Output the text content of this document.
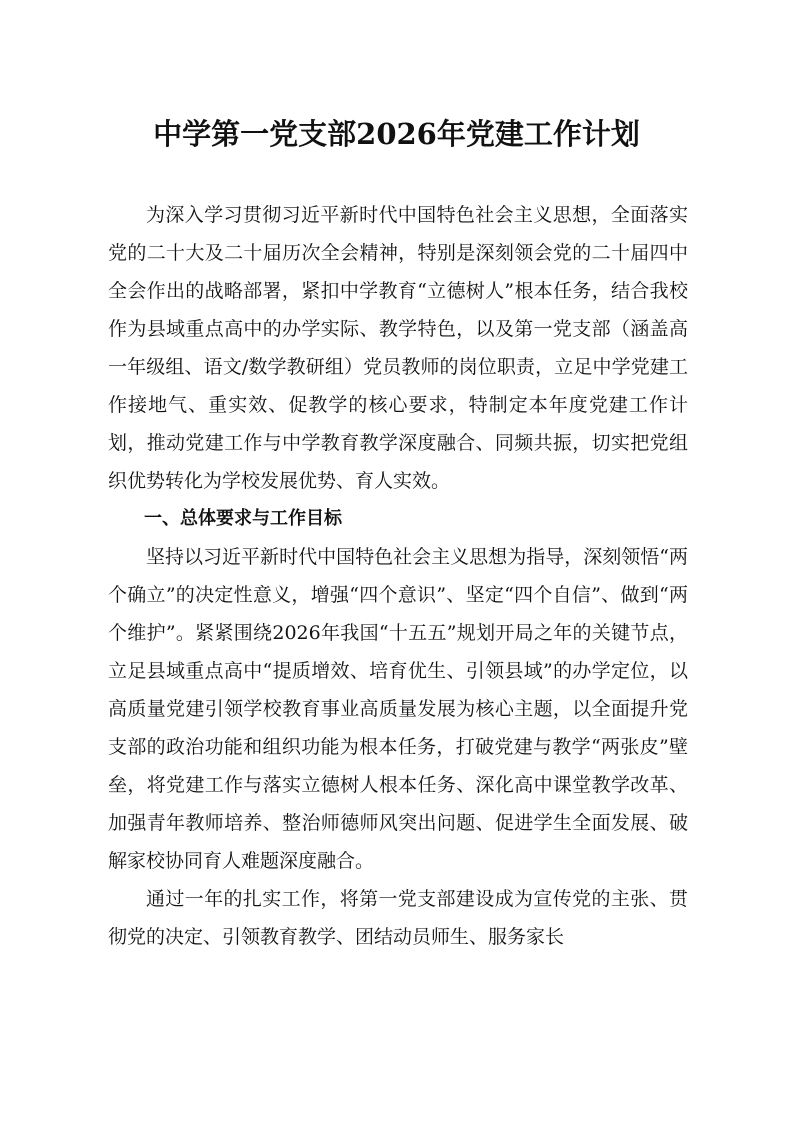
中学第一党支部2026年党建工作计划

为深入学习贯彻习近平新时代中国特色社会主义思想，全面落实党的二十大及二十届历次全会精神，特别是深刻领会党的二十届四中全会作出的战略部署，紧扣中学教育“立德树人”根本任务，结合我校作为县域重点高中的办学实际、教学特色，以及第一党支部（涵盖高一年级组、语文/数学教研组）党员教师的岗位职责，立足中学党建工作接地气、重实效、促教学的核心要求，特制定本年度党建工作计划，推动党建工作与中学教育教学深度融合、同频共振，切实把党组织优势转化为学校发展优势、育人实效。

一、总体要求与工作目标

坚持以习近平新时代中国特色社会主义思想为指导，深刻领悟“两个确立”的决定性意义，增强“四个意识”、坚定“四个自信”、做到“两个维护”。紧紧围绕2026年我国“十五五”规划开局之年的关键节点，立足县域重点高中“提质增效、培育优生、引领县域”的办学定位，以高质量党建引领学校教育事业高质量发展为核心主题，以全面提升党支部的政治功能和组织功能为根本任务，打破党建与教学“两张皮”壁垒，将党建工作与落实立德树人根本任务、深化高中课堂教学改革、加强青年教师培养、整治师德师风突出问题、促进学生全面发展、破解家校协同育人难题深度融合。

通过一年的扎实工作，将第一党支部建设成为宣传党的主张、贯彻党的决定、引领教育教学、团结动员师生、服务家长
